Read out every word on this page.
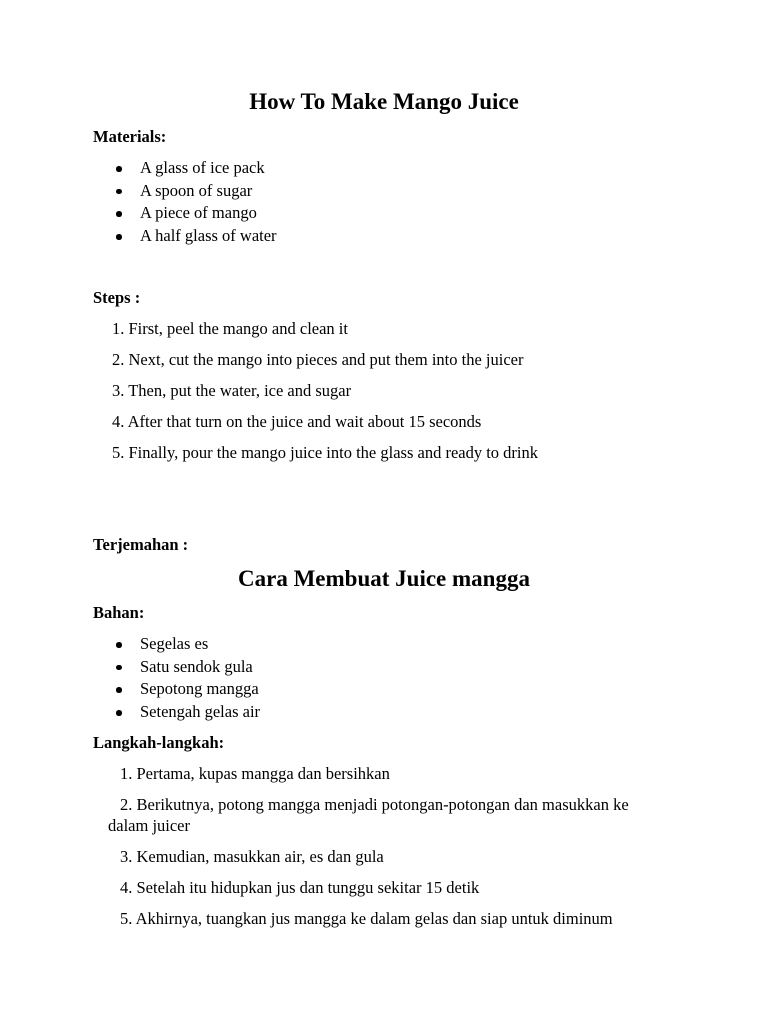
How To Make Mango Juice

Materials:

A glass of ice pack
A spoon of sugar
A piece of mango
A half glass of water

Steps :

1. First, peel the mango and clean it

2. Next, cut the mango into pieces and put them into the juicer

3. Then, put the water, ice and sugar

4. After that turn on the juice and wait about 15 seconds

5. Finally, pour the mango juice into the glass and ready to drink

Terjemahan :

Cara Membuat Juice mangga

Bahan:

Segelas es
Satu sendok gula
Sepotong mangga
Setengah gelas air

Langkah-langkah:

1. Pertama, kupas mangga dan bersihkan

2. Berikutnya, potong mangga menjadi potongan-potongan dan masukkan ke dalam juicer

3. Kemudian, masukkan air, es dan gula

4. Setelah itu hidupkan jus dan tunggu sekitar 15 detik

5. Akhirnya, tuangkan jus mangga ke dalam gelas dan siap untuk diminum
